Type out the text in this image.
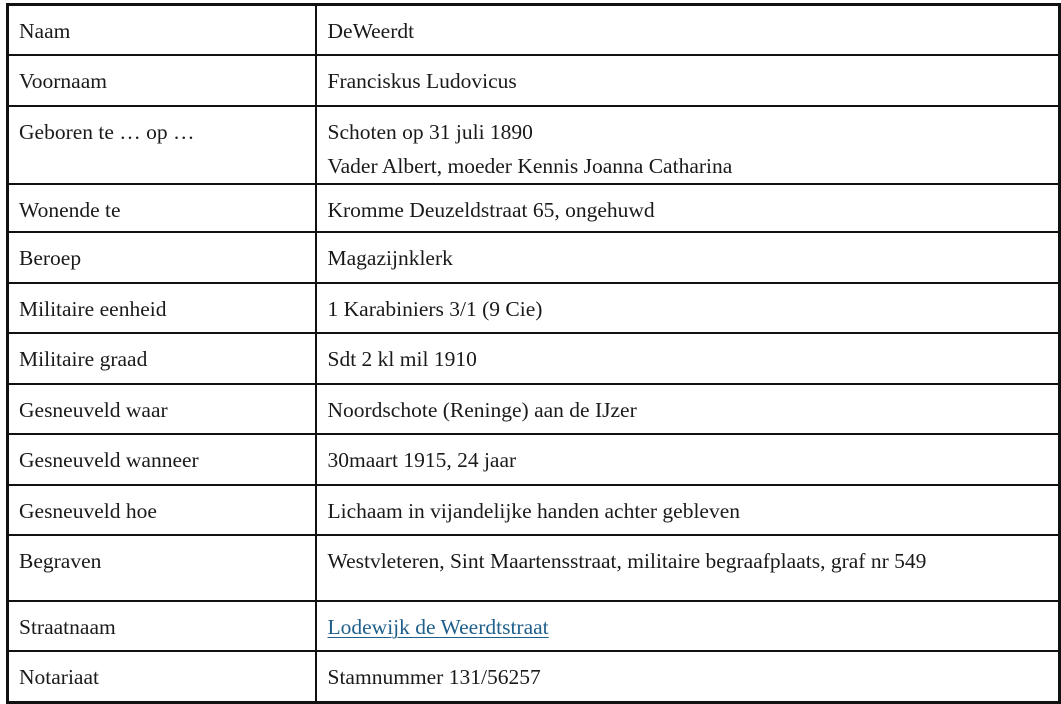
Naam	DeWeerdt

Voornaam	Franciskus Ludovicus

Geboren te … op …	Schoten op 31 juli 1890
Vader Albert, moeder Kennis Joanna Catharina

Wonende te	Kromme Deuzeldstraat 65, ongehuwd

Beroep	Magazijnklerk

Militaire eenheid	1 Karabiniers 3/1 (9 Cie)

Militaire graad	Sdt 2 kl mil 1910

Gesneuveld waar	Noordschote (Reninge) aan de IJzer

Gesneuveld wanneer	30maart 1915, 24 jaar

Gesneuveld hoe	Lichaam in vijandelijke handen achter gebleven

Begraven	Westvleteren, Sint Maartensstraat, militaire begraafplaats, graf nr 549

Straatnaam	Lodewijk de Weerdtstraat

Notariaat	Stamnummer 131/56257
